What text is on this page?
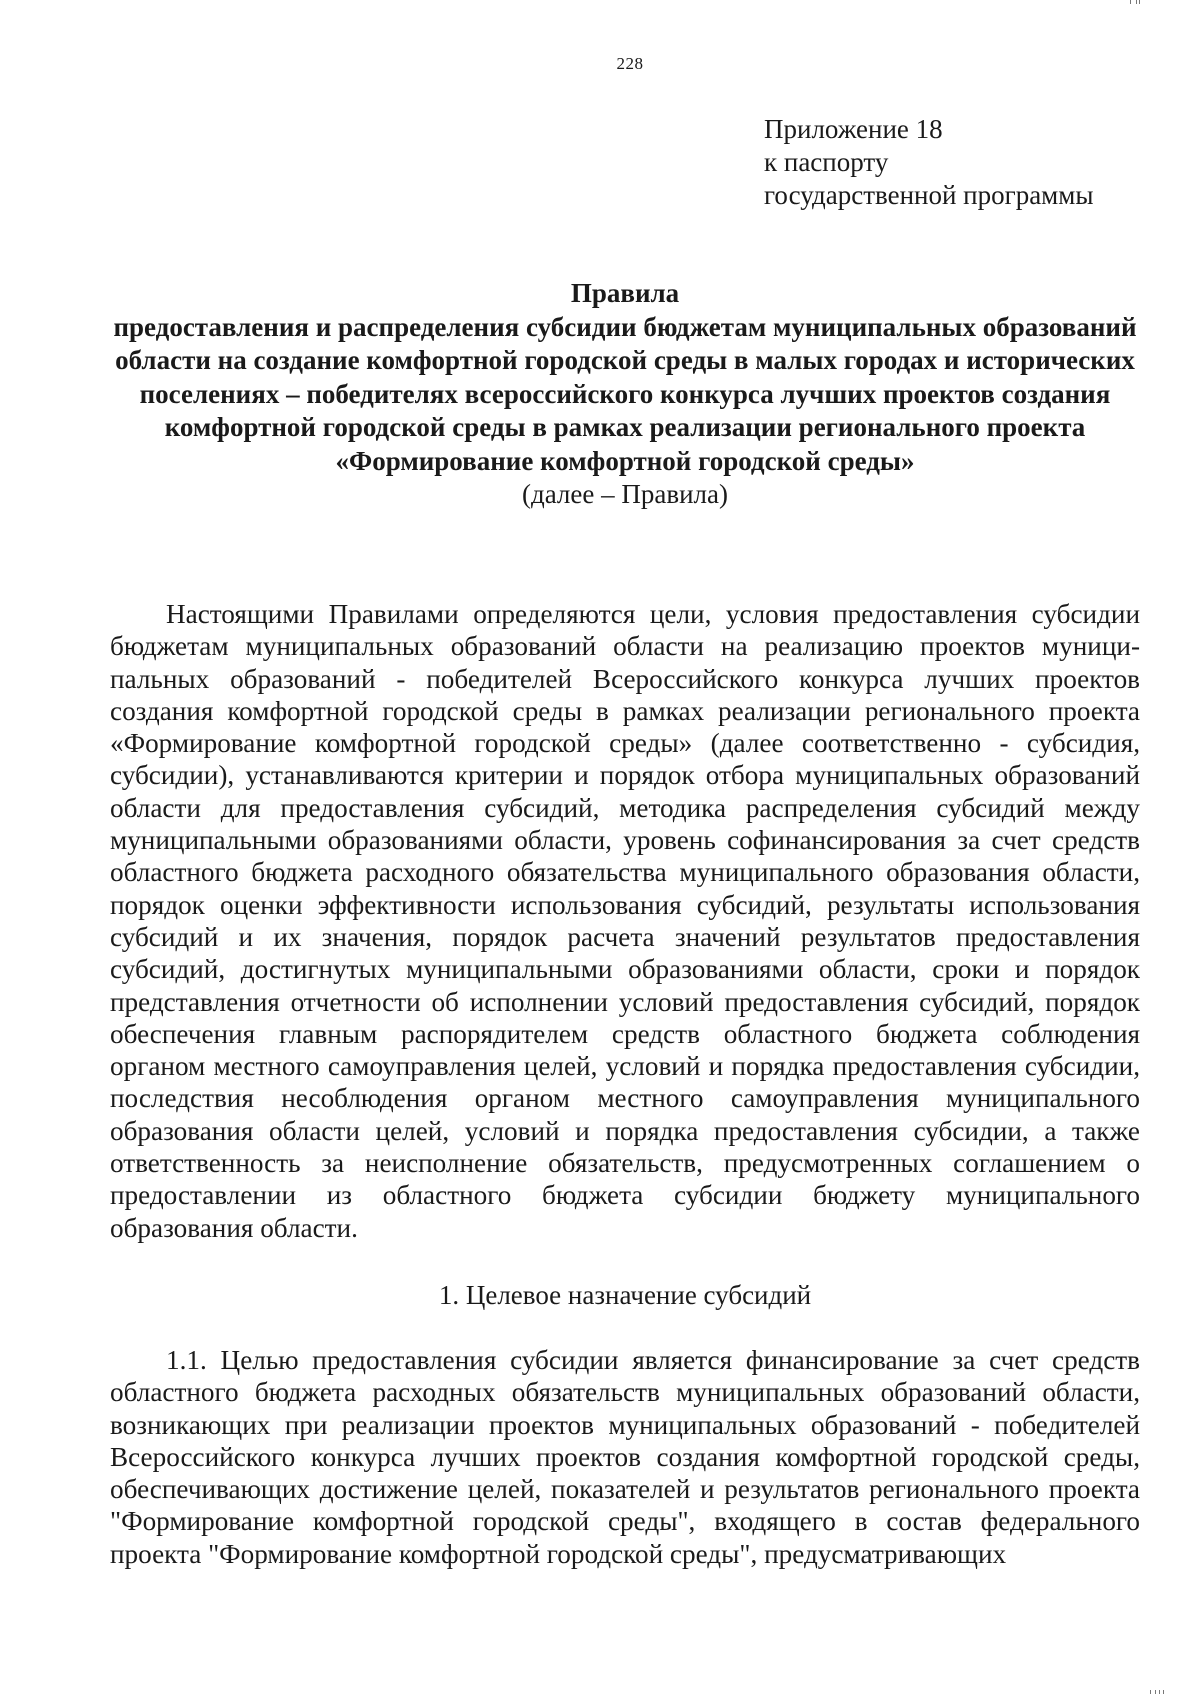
228
Приложение 18
к паспорту
государственной программы
Правила
предоставления и распределения субсидии бюджетам муниципальных образований области на создание комфортной городской среды в малых городах и исторических поселениях – победителях всероссийского конкурса лучших проектов создания комфортной городской среды в рамках реализации регионального проекта «Формирование комфортной городской среды»
(далее – Правила)

Настоящими Правилами определяются цели, условия предоставления субсидии бюджетам муниципальных образований области на реализацию проектов муниципальных образований - победителей Всероссийского конкурса лучших проектов создания комфортной городской среды в рамках реализации регионального проекта «Формирование комфортной городской среды» (далее соответственно - субсидия, субсидии), устанавливаются критерии и порядок отбора муниципальных образований области для предоставления субсидий, методика распределения субсидий между муниципальными образованиями области, уровень софинансирования за счет средств областного бюджета расходного обязательства муниципального образования области, порядок оценки эффективности использования субсидий, результаты использования субсидий и их значения, порядок расчета значений результатов предоставления субсидий, достигнутых муниципальными образованиями области, сроки и порядок представления отчетности об исполнении условий предоставления субсидий, порядок обеспечения главным распорядителем средств областного бюджета соблюдения органом местного самоуправления целей, условий и порядка предоставления субсидии, последствия несоблюдения органом местного самоуправления муниципального образования области целей, условий и порядка предоставления субсидии, а также ответственность за неисполнение обязательств, предусмотренных соглашением о предоставлении из областного бюджета субсидии бюджету муниципального образования области.

1. Целевое назначение субсидий

1.1. Целью предоставления субсидии является финансирование за счет средств областного бюджета расходных обязательств муниципальных образований области, возникающих при реализации проектов муниципальных образований - победителей Всероссийского конкурса лучших проектов создания комфортной городской среды, обеспечивающих достижение целей, показателей и результатов регионального проекта "Формирование комфортной городской среды", входящего в состав федерального проекта "Формирование комфортной городской среды", предусматривающих
